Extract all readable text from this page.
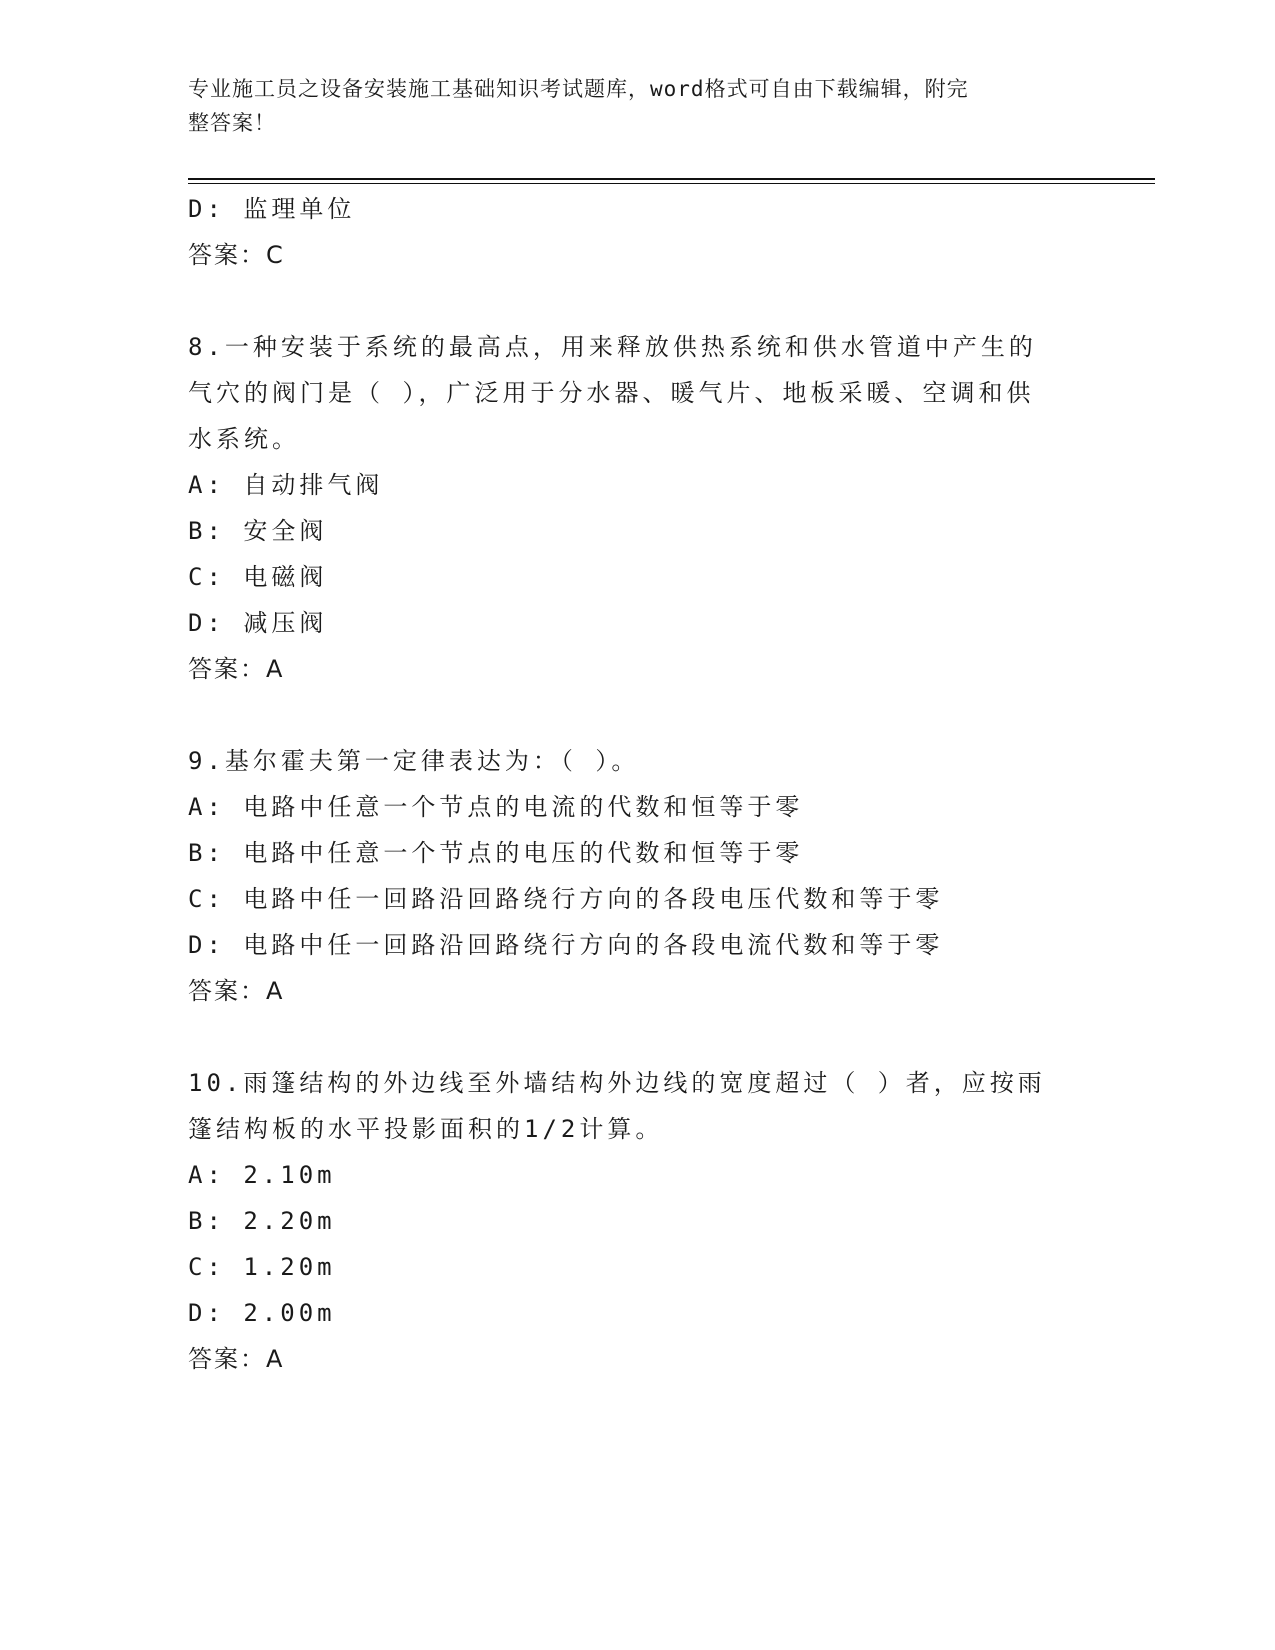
专业施工员之设备安装施工基础知识考试题库，word格式可自由下载编辑，附完
整答案！
D: 监理单位
答案：C
8.一种安装于系统的最高点，用来释放供热系统和供水管道中产生的
气穴的阀门是（ ），广泛用于分水器、暖气片、地板采暖、空调和供
水系统。
A: 自动排气阀
B: 安全阀
C: 电磁阀
D: 减压阀
答案：A
9.基尔霍夫第一定律表达为：（ ）。
A: 电路中任意一个节点的电流的代数和恒等于零
B: 电路中任意一个节点的电压的代数和恒等于零
C: 电路中任一回路沿回路绕行方向的各段电压代数和等于零
D: 电路中任一回路沿回路绕行方向的各段电流代数和等于零
答案：A
10.雨篷结构的外边线至外墙结构外边线的宽度超过（ ）者，应按雨
篷结构板的水平投影面积的1/2计算。
A: 2.10m
B: 2.20m
C: 1.20m
D: 2.00m
答案：A
